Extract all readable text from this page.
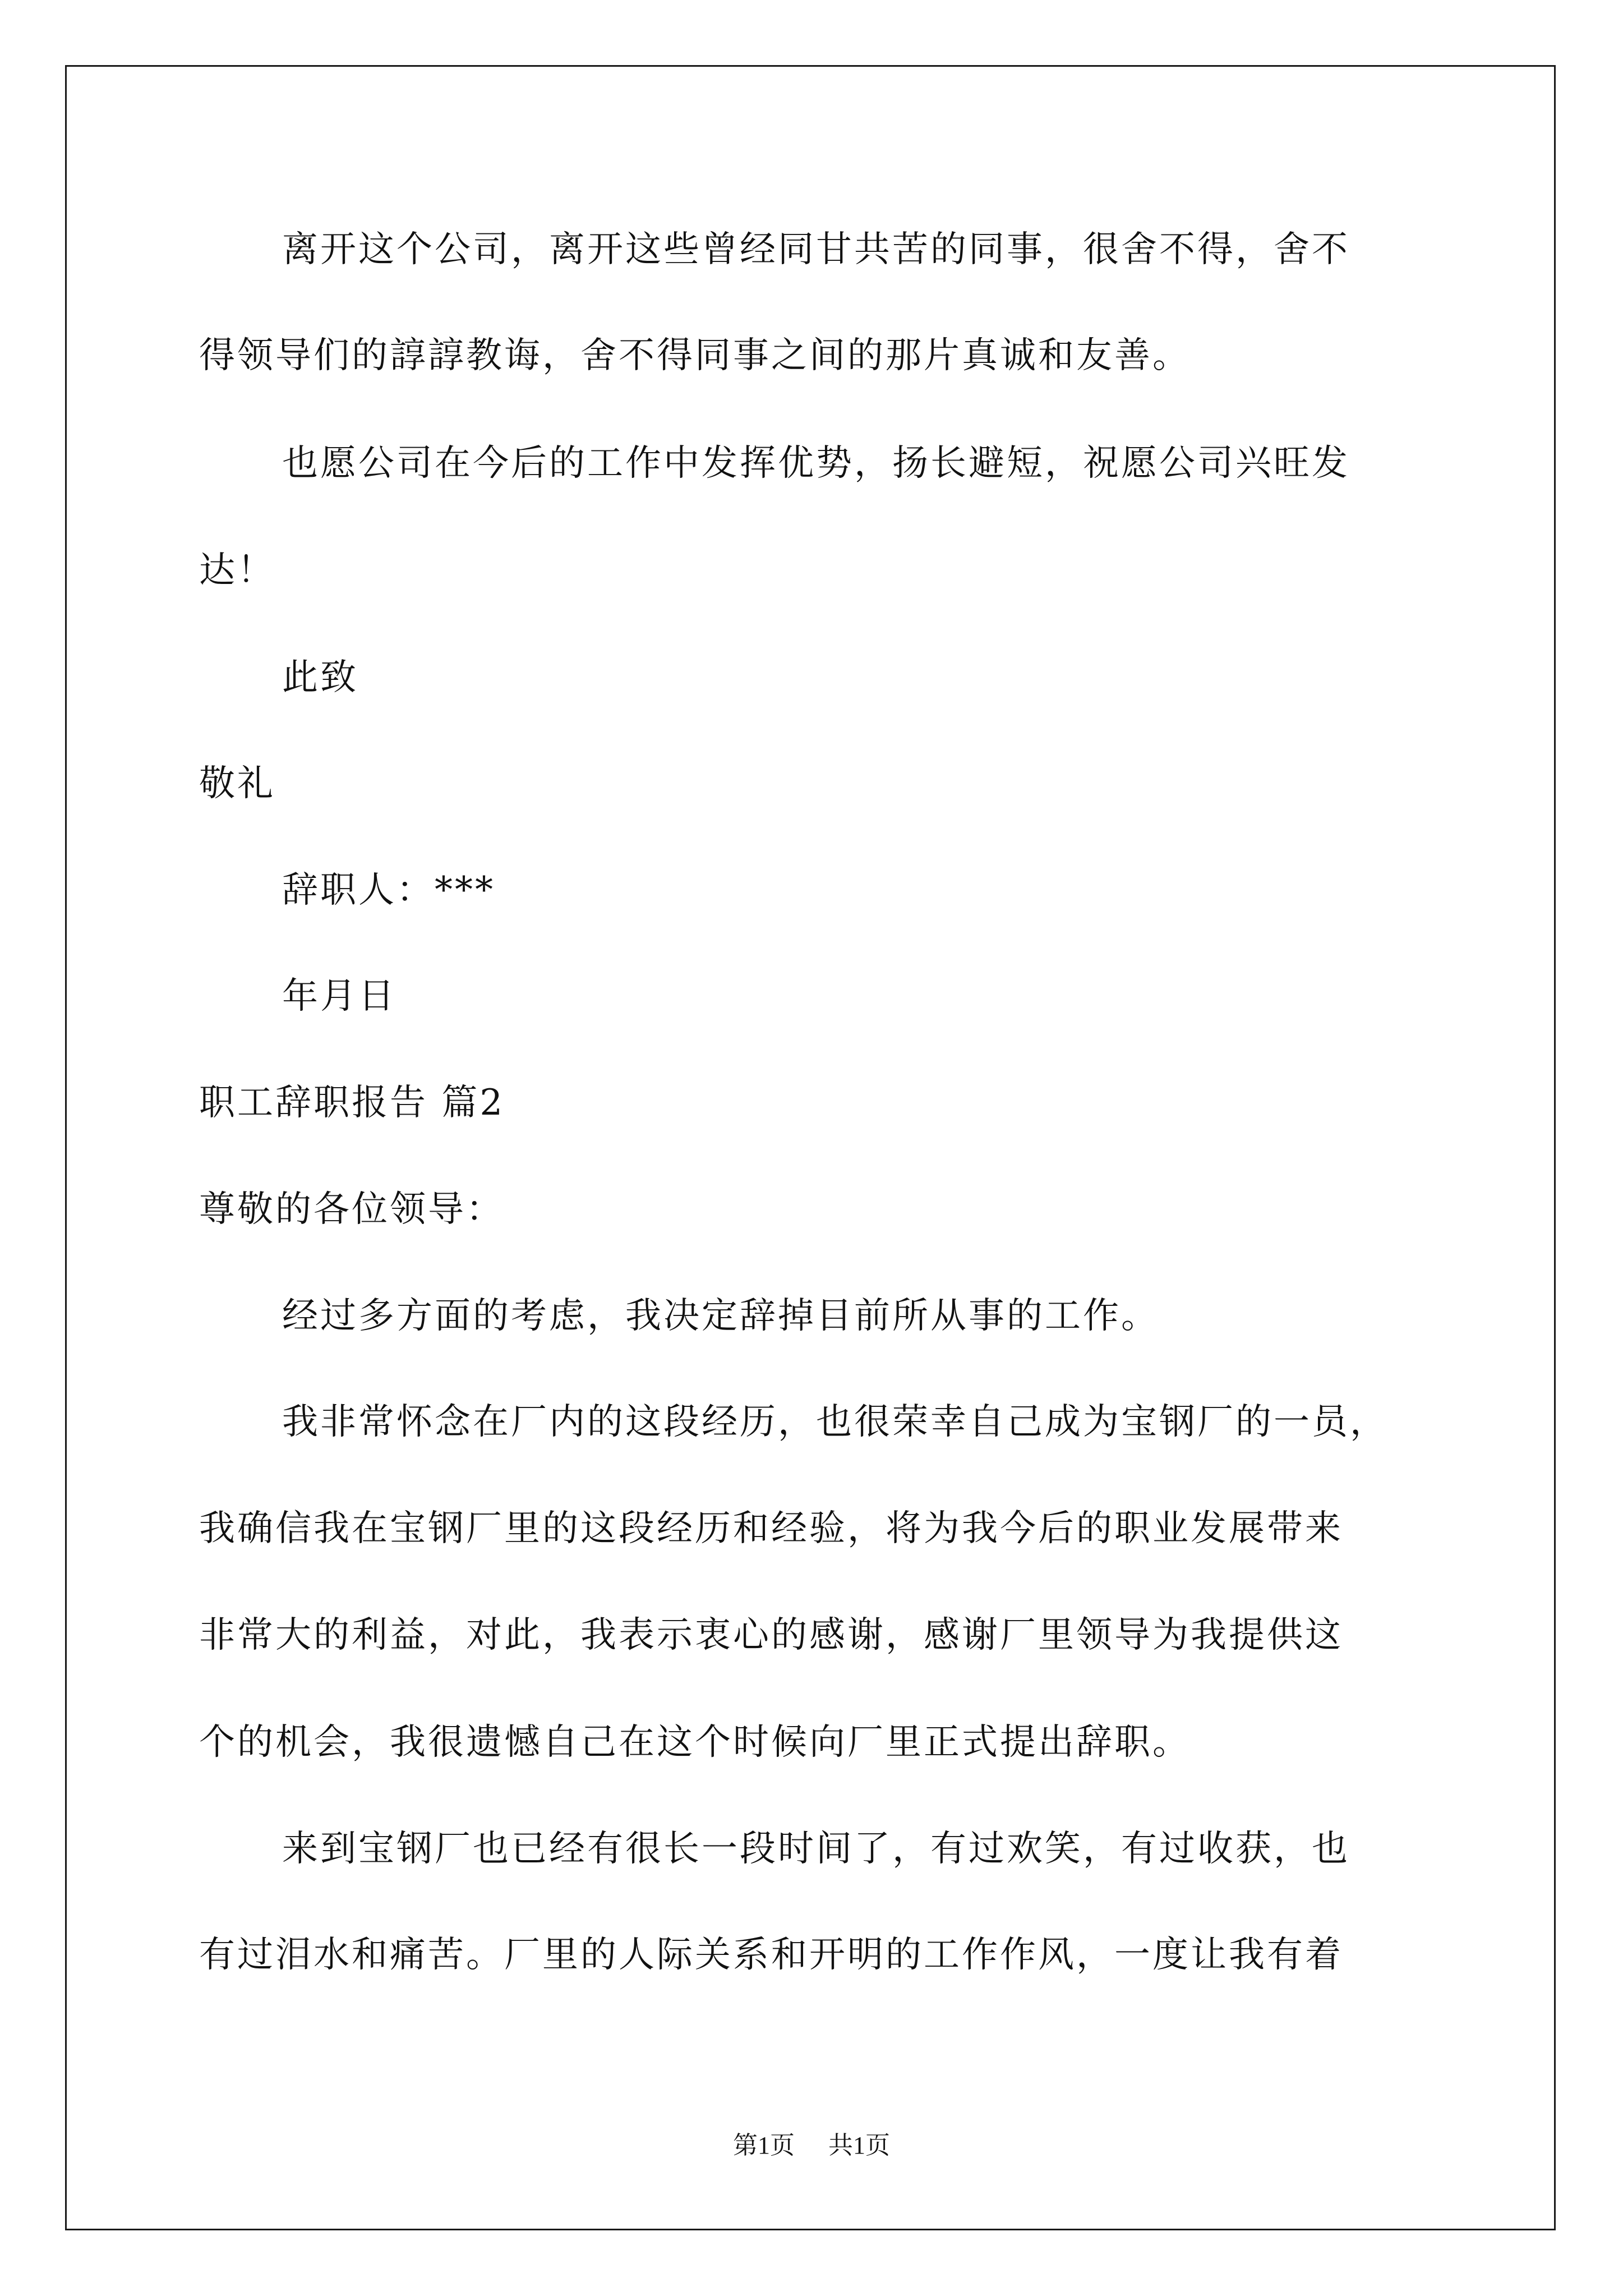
离开这个公司，离开这些曾经同甘共苦的同事，很舍不得，舍不
得领导们的諄諄教诲，舍不得同事之间的那片真诚和友善。
也愿公司在今后的工作中发挥优势，扬长避短，祝愿公司兴旺发
达！
此致
敬礼
辞职人：***
年月日
职工辞职报告 篇2
尊敬的各位领导：
经过多方面的考虑，我决定辞掉目前所从事的工作。
我非常怀念在厂内的这段经历，也很荣幸自己成为宝钢厂的一员，
我确信我在宝钢厂里的这段经历和经验，将为我今后的职业发展带来
非常大的利益，对此，我表示衷心的感谢，感谢厂里领导为我提供这
个的机会，我很遗憾自己在这个时候向厂里正式提出辞职。
来到宝钢厂也已经有很长一段时间了，有过欢笑，有过收获，也
有过泪水和痛苦。厂里的人际关系和开明的工作作风，一度让我有着
第1页 共1页
